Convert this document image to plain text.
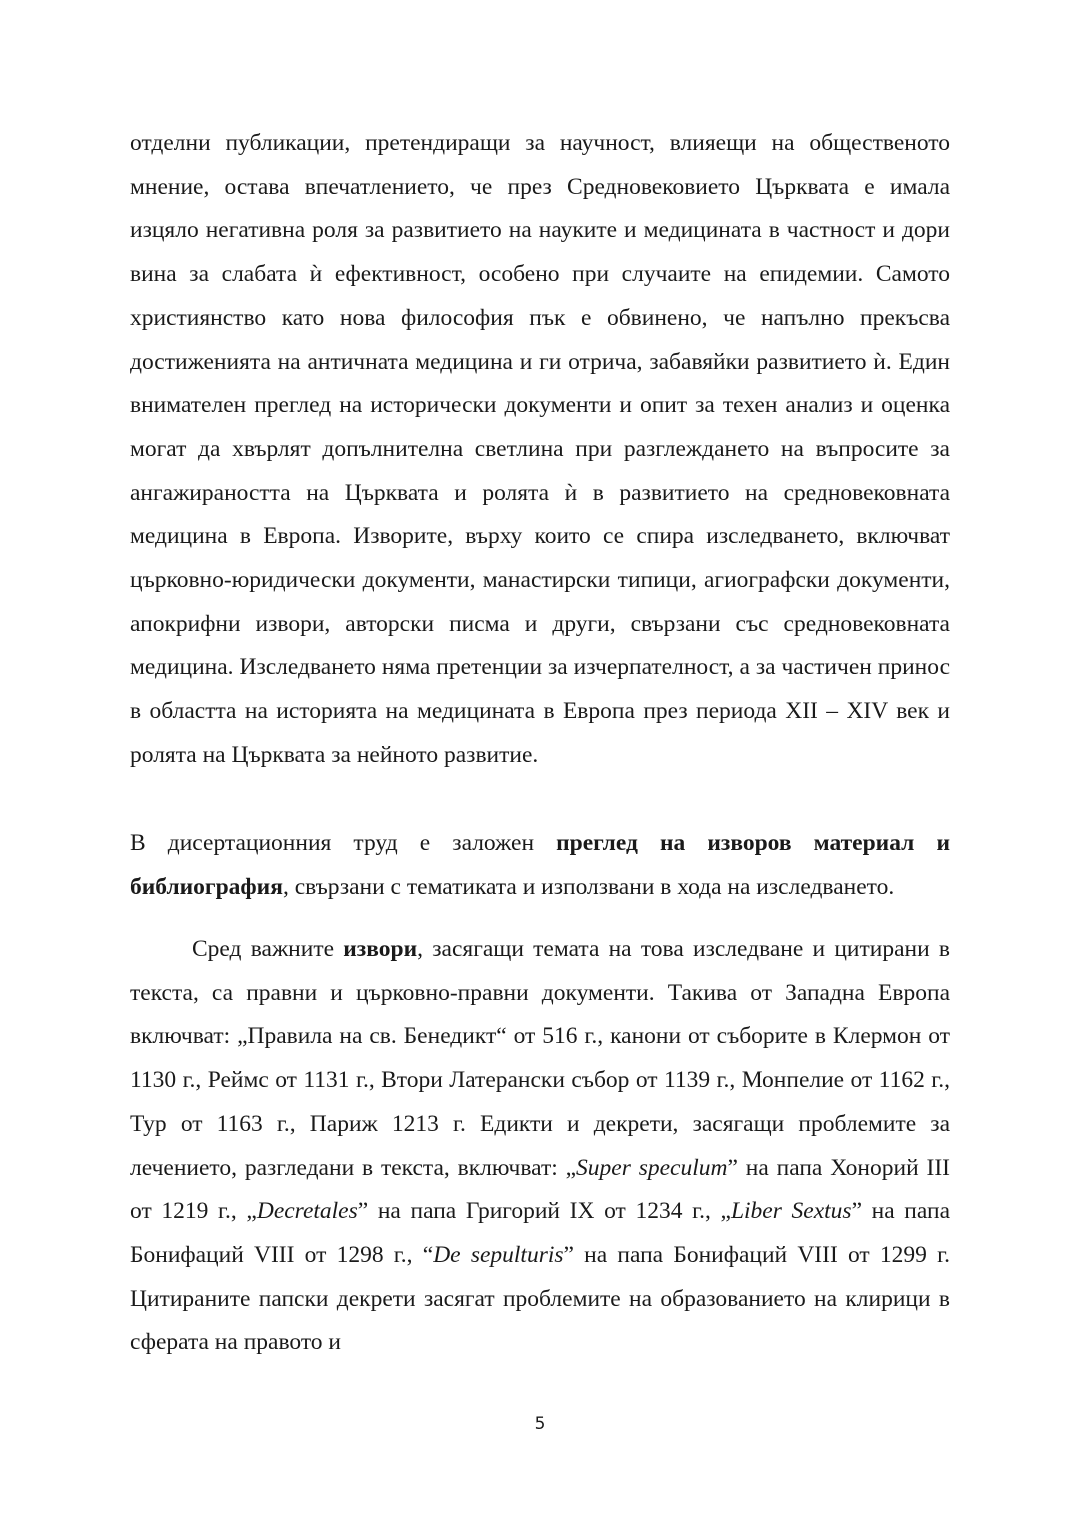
отделни публикации, претендиращи за научност, влияещи на общественото мнение, остава впечатлението, че през Средновековието Църквата е имала изцяло негативна роля за развитието на науките и медицината в частност и дори вина за слабата ѝ ефективност, особено при случаите на епидемии. Самото християнство като нова философия пък е обвинено, че напълно прекъсва достиженията на античната медицина и ги отрича, забавяйки развитието ѝ. Един внимателен преглед на исторически документи и опит за техен анализ и оценка могат да хвърлят допълнителна светлина при разглеждането на въпросите за ангажираността на Църквата и ролята ѝ в развитието на средновековната медицина в Европа. Изворите, върху които се спира изследването, включват църковно-юридически документи, манастирски типици, агиографски документи, апокрифни извори, авторски писма и други, свързани със средновековната медицина. Изследването няма претенции за изчерпателност, а за частичен принос в областта на историята на медицината в Европа през периода XII – XIV век и ролята на Църквата за нейното развитие.

В дисертационния труд е заложен преглед на изворов материал и библиография, свързани с тематиката и използвани в хода на изследването.

Сред важните извори, засягащи темата на това изследване и цитирани в текста, са правни и църковно-правни документи. Такива от Западна Европа включват: „Правила на св. Бенедикт“ от 516 г., канони от съборите в Клермон от 1130 г., Реймс от 1131 г., Втори Латерански събор от 1139 г., Монпелие от 1162 г., Тур от 1163 г., Париж 1213 г. Едикти и декрети, засягащи проблемите за лечението, разгледани в текста, включват: „Super speculum” на папа Хонорий III от 1219 г., „Decretales” на папа Григорий IX от 1234 г., „Liber Sextus” на папа Бонифаций VIII от 1298 г., “De sepulturis” на папа Бонифаций VIII от 1299 г. Цитираните папски декрети засягат проблемите на образованието на клирици в сферата на правото и

5
